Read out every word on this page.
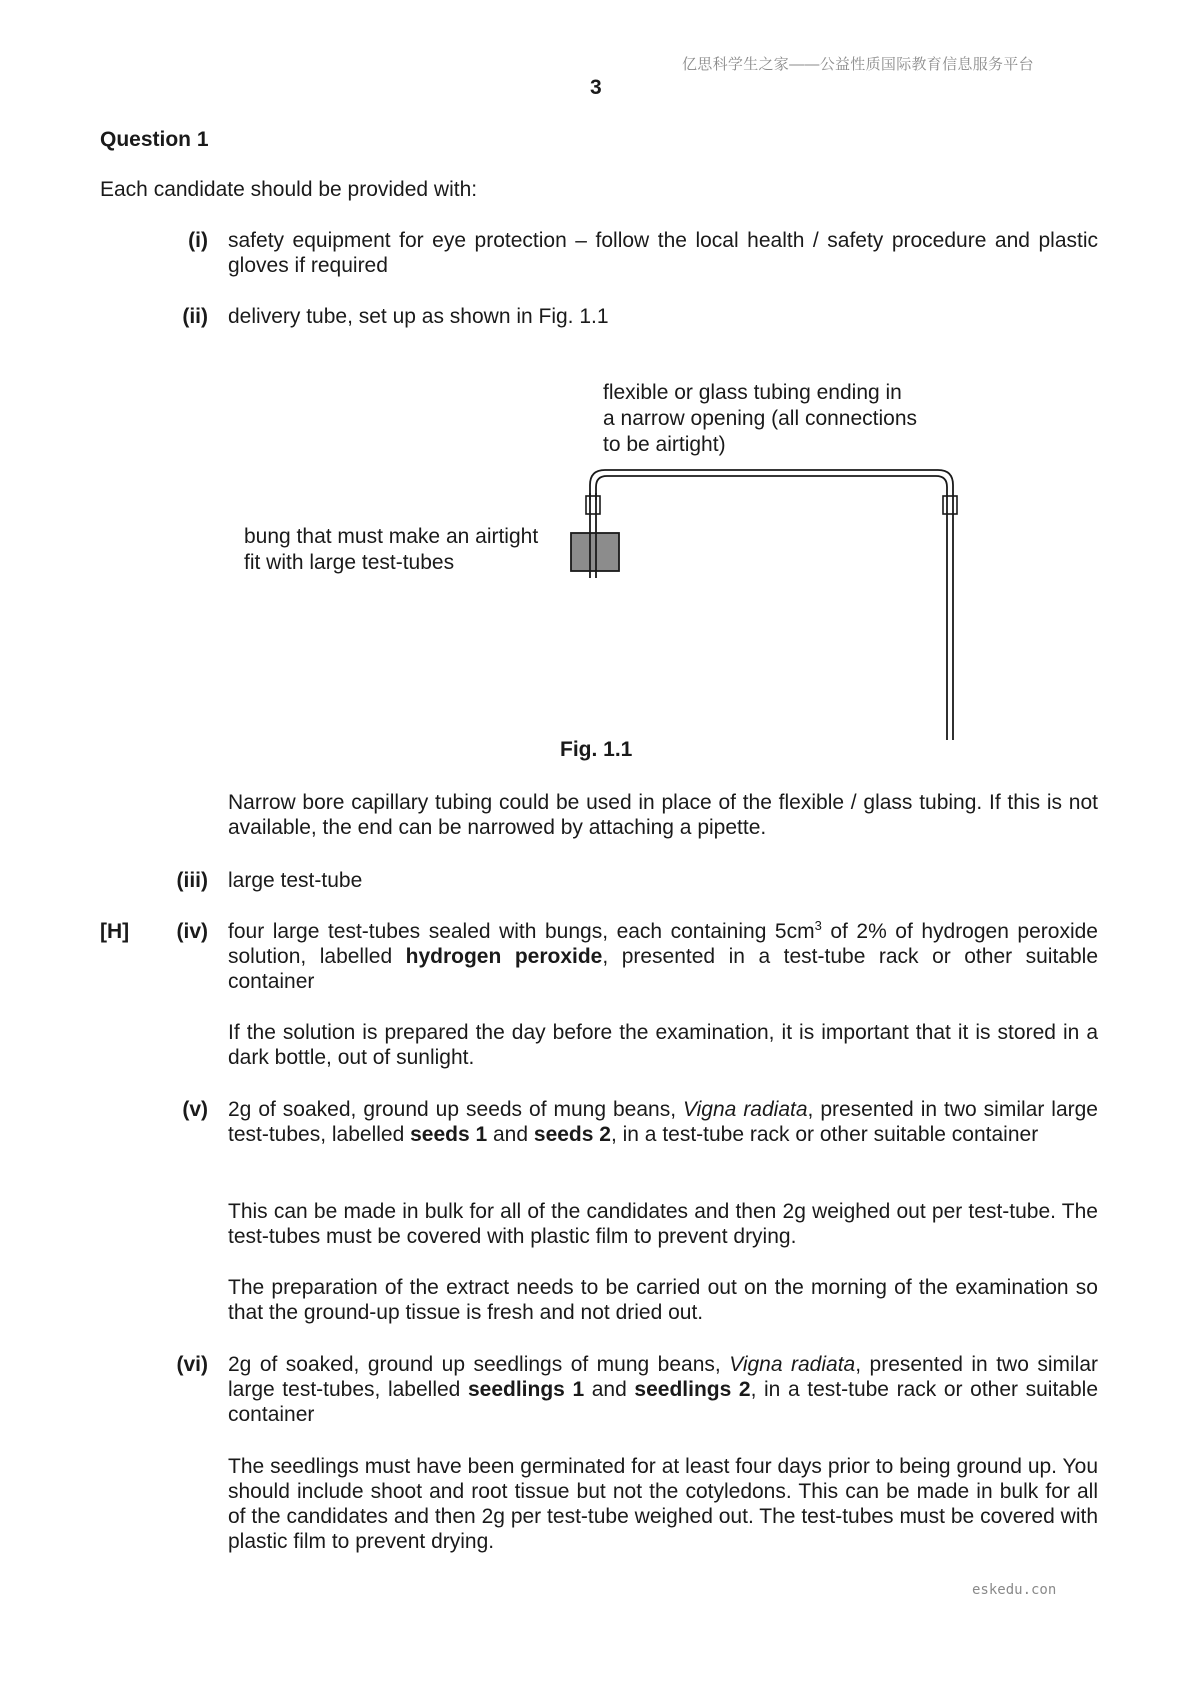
亿思科学生之家——公益性质国际教育信息服务平台
3
Question 1
Each candidate should be provided with:
(i) safety equipment for eye protection – follow the local health / safety procedure and plastic gloves if required
(ii) delivery tube, set up as shown in Fig. 1.1
flexible or glass tubing ending in
a narrow opening (all connections
to be airtight)
bung that must make an airtight
fit with large test-tubes
Fig. 1.1
Narrow bore capillary tubing could be used in place of the flexible / glass tubing. If this is not available, the end can be narrowed by attaching a pipette.
(iii) large test-tube
[H]	(iv) four large test-tubes sealed with bungs, each containing $5cm^3$ of 2% of hydrogen peroxide solution, labelled hydrogen peroxide, presented in a test-tube rack or other suitable container
If the solution is prepared the day before the examination, it is important that it is stored in a dark bottle, out of sunlight.
(v) 2g of soaked, ground up seeds of mung beans, Vigna radiata, presented in two similar large test-tubes, labelled seeds 1 and seeds 2, in a test-tube rack or other suitable container
This can be made in bulk for all of the candidates and then 2g weighed out per test-tube. The test-tubes must be covered with plastic film to prevent drying.
The preparation of the extract needs to be carried out on the morning of the examination so that the ground-up tissue is fresh and not dried out.
(vi) 2g of soaked, ground up seedlings of mung beans, Vigna radiata, presented in two similar large test-tubes, labelled seedlings 1 and seedlings 2, in a test-tube rack or other suitable container
The seedlings must have been germinated for at least four days prior to being ground up. You should include shoot and root tissue but not the cotyledons. This can be made in bulk for all of the candidates and then 2g per test-tube weighed out. The test-tubes must be covered with plastic film to prevent drying.
eskedu.con
